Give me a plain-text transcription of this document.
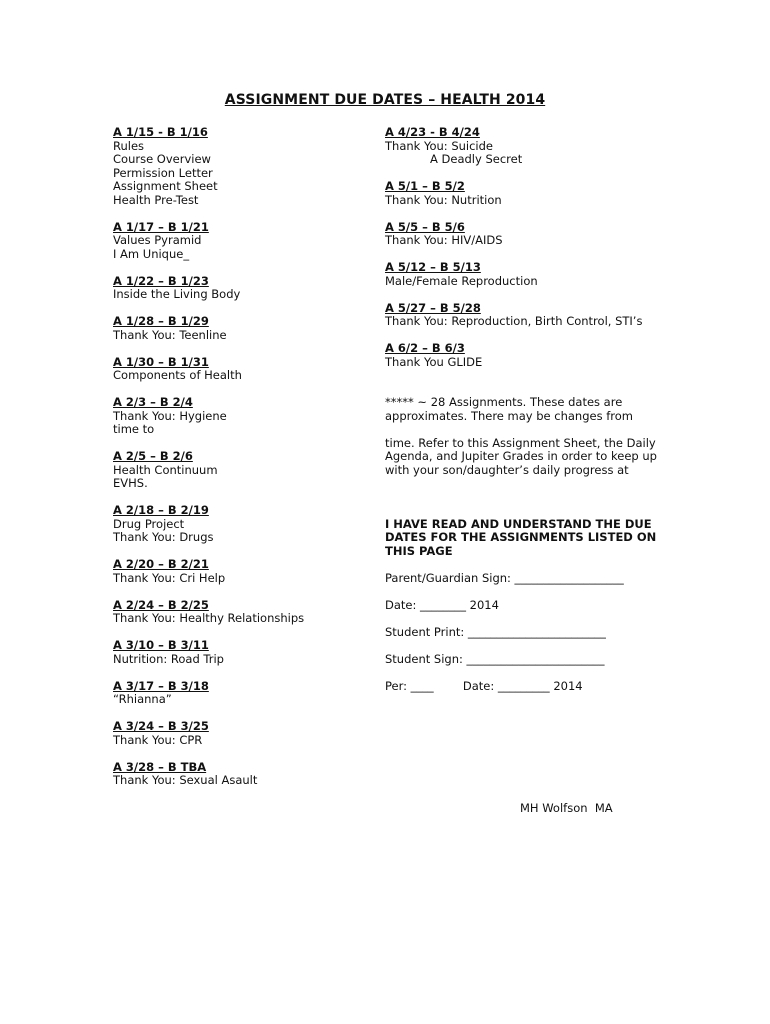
ASSIGNMENT DUE DATES – HEALTH 2014
A 1/15 - B 1/16
Rules
Course Overview
Permission Letter
Assignment Sheet
Health Pre-Test
A 1/17 – B 1/21
Values Pyramid
I Am Unique_
A 1/22 – B 1/23
Inside the Living Body
A 1/28 – B 1/29
Thank You: Teenline
A 1/30 – B 1/31
Components of Health
A 2/3 – B 2/4
Thank You: Hygiene
time to
A 2/5 – B 2/6
Health Continuum
EVHS.
A 2/18 – B 2/19
Drug Project
Thank You: Drugs
A 2/20 – B 2/21
Thank You: Cri Help
A 2/24 – B 2/25
Thank You: Healthy Relationships
A 3/10 – B 3/11
Nutrition: Road Trip
A 3/17 – B 3/18
“Rhianna”
A 3/24 – B 3/25
Thank You: CPR
A 3/28 – B TBA
Thank You: Sexual Asault
A 4/23 - B 4/24
Thank You: Suicide
A Deadly Secret
A 5/1 – B 5/2
Thank You: Nutrition
A 5/5 – B 5/6
Thank You: HIV/AIDS
A 5/12 – B 5/13
Male/Female Reproduction
A 5/27 – B 5/28
Thank You: Reproduction, Birth Control, STI’s
A 6/2 – B 6/3
Thank You GLIDE
***** ~ 28 Assignments. These dates are
approximates. There may be changes from
time. Refer to this Assignment Sheet, the Daily
Agenda, and Jupiter Grades in order to keep up
with your son/daughter’s daily progress at
I HAVE READ AND UNDERSTAND THE DUE
DATES FOR THE ASSIGNMENTS LISTED ON
THIS PAGE
Parent/Guardian Sign: ___________________
Date: ________ 2014
Student Print: ________________________
Student Sign: ________________________
Per: ____        Date: _________ 2014
MH Wolfson  MA
